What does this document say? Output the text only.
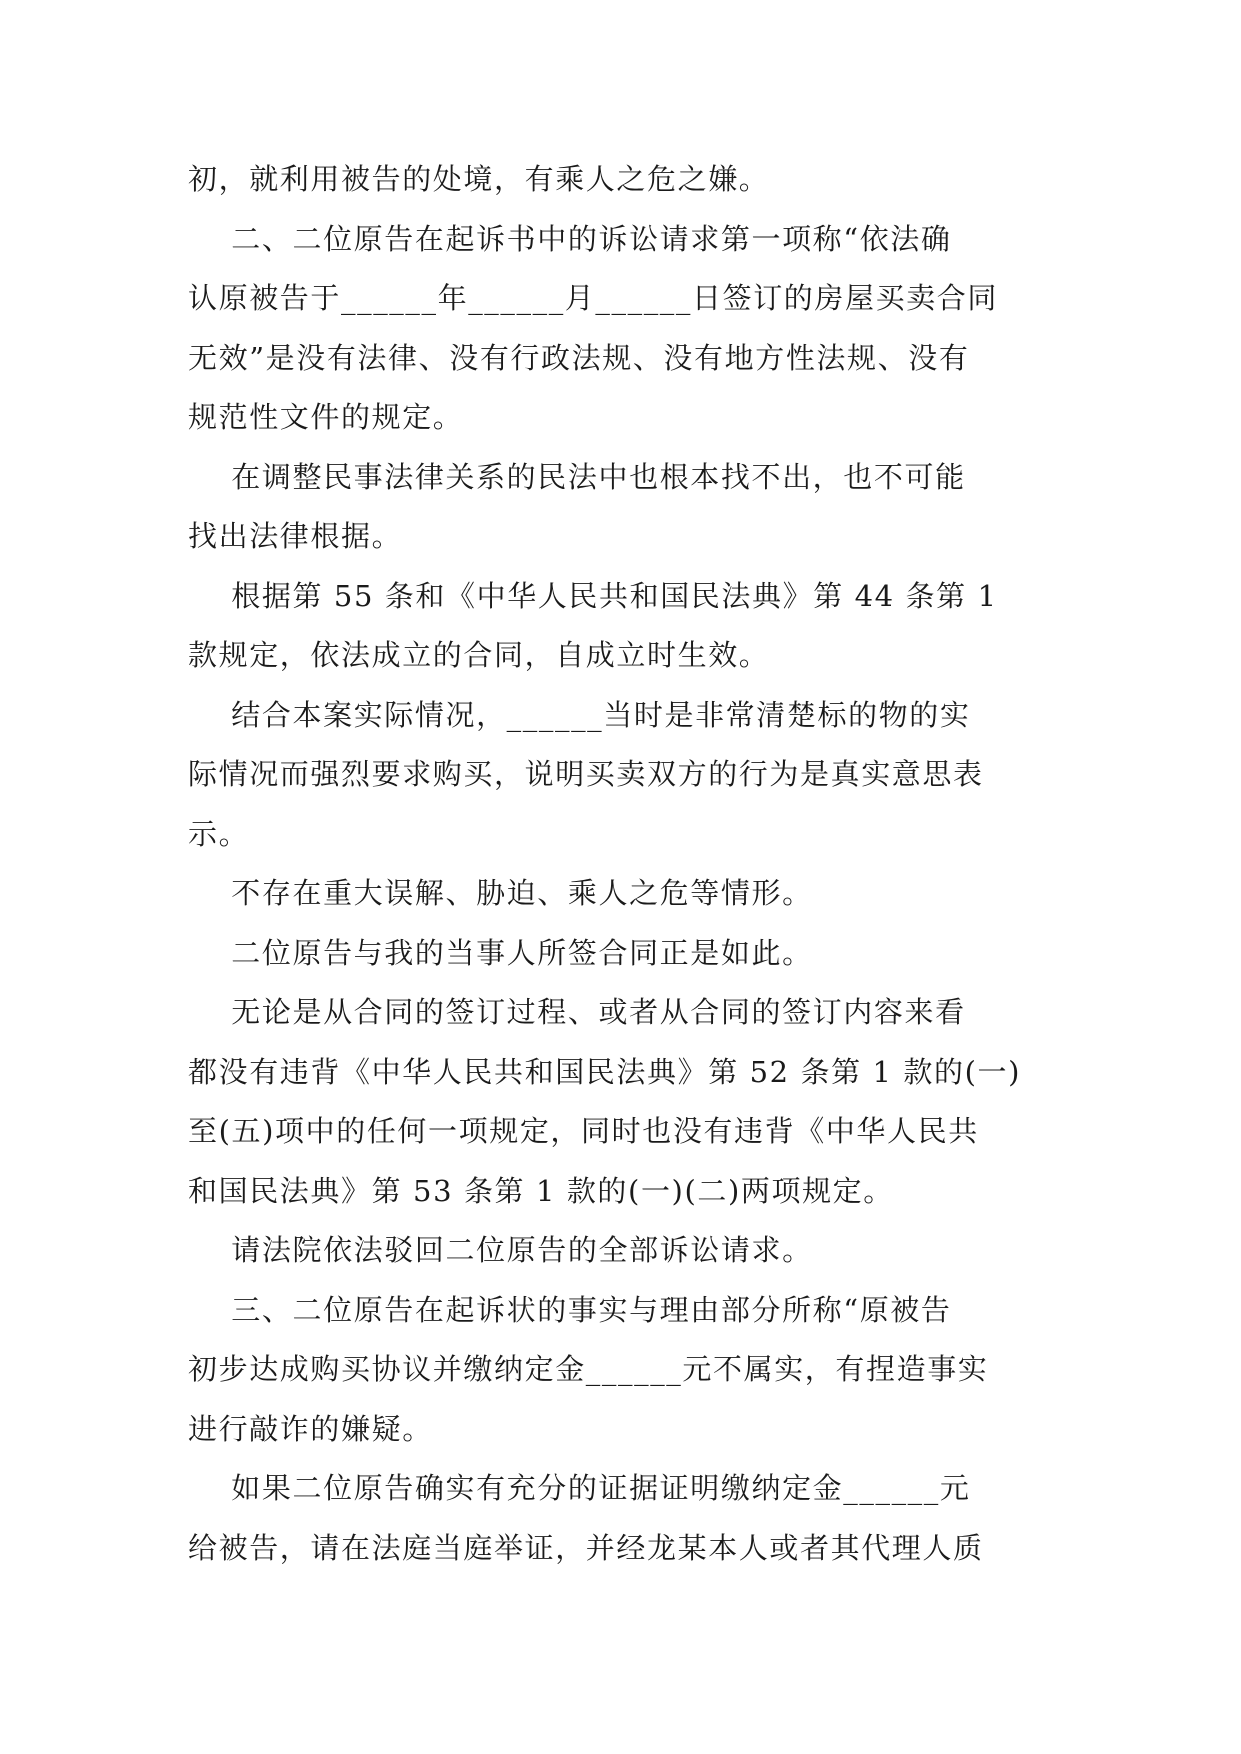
初，就利用被告的处境，有乘人之危之嫌。
二、二位原告在起诉书中的诉讼请求第一项称“依法确
认原被告于______年______月______日签订的房屋买卖合同
无效”是没有法律、没有行政法规、没有地方性法规、没有
规范性文件的规定。
在调整民事法律关系的民法中也根本找不出，也不可能
找出法律根据。
根据第 55 条和《中华人民共和国民法典》第 44 条第 1
款规定，依法成立的合同，自成立时生效。
结合本案实际情况，______当时是非常清楚标的物的实
际情况而强烈要求购买，说明买卖双方的行为是真实意思表
示。
不存在重大误解、胁迫、乘人之危等情形。
二位原告与我的当事人所签合同正是如此。
无论是从合同的签订过程、或者从合同的签订内容来看
都没有违背《中华人民共和国民法典》第 52 条第 1 款的(一)
至(五)项中的任何一项规定，同时也没有违背《中华人民共
和国民法典》第 53 条第 1 款的(一)(二)两项规定。
请法院依法驳回二位原告的全部诉讼请求。
三、二位原告在起诉状的事实与理由部分所称“原被告
初步达成购买协议并缴纳定金______元不属实，有捏造事实
进行敲诈的嫌疑。
如果二位原告确实有充分的证据证明缴纳定金______元
给被告，请在法庭当庭举证，并经龙某本人或者其代理人质
